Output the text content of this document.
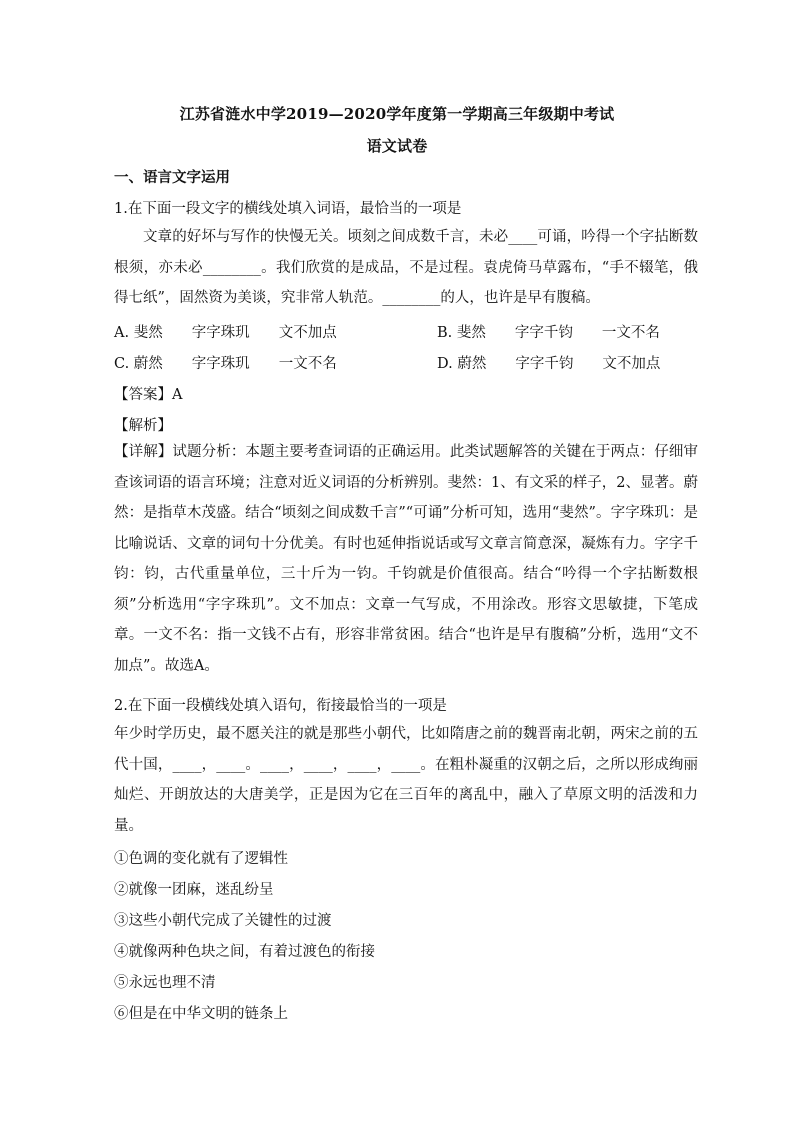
江苏省涟水中学2019—2020学年度第一学期高三年级期中考试
语文试卷
一、语言文字运用
1.在下面一段文字的横线处填入词语，最恰当的一项是
文章的好坏与写作的快慢无关。顷刻之间成数千言，未必____可诵，吟得一个字拈断数根须，亦未必________。我们欣赏的是成品，不是过程。袁虎倚马草露布，“手不辍笔，俄得七纸”，固然资为美谈，究非常人轨范。________的人，也许是早有腹稿。
A. 斐然　　字字珠玑　　文不加点	B. 斐然　　字字千钧　　一文不名
C. 蔚然　　字字珠玑　　一文不名	D. 蔚然　　字字千钧　　文不加点
【答案】A
【解析】
【详解】试题分析：本题主要考查词语的正确运用。此类试题解答的关键在于两点：仔细审查该词语的语言环境；注意对近义词语的分析辨别。斐然：1、有文采的样子，2、显著。蔚然：是指草木茂盛。结合“顷刻之间成数千言”“可诵”分析可知，选用“斐然”。字字珠玑：是比喻说话、文章的词句十分优美。有时也延伸指说话或写文章言简意深，凝炼有力。字字千钧：钧，古代重量单位，三十斤为一钧。千钧就是价值很高。结合“吟得一个字拈断数根须”分析选用“字字珠玑”。文不加点：文章一气写成，不用涂改。形容文思敏捷，下笔成章。一文不名：指一文钱不占有，形容非常贫困。结合“也许是早有腹稿”分析，选用“文不加点”。故选A。
2.在下面一段横线处填入语句，衔接最恰当的一项是
年少时学历史，最不愿关注的就是那些小朝代，比如隋唐之前的魏晋南北朝，两宋之前的五代十国，____，____。____，____，____，____。在粗朴凝重的汉朝之后，之所以形成绚丽灿烂、开朗放达的大唐美学，正是因为它在三百年的离乱中，融入了草原文明的活泼和力量。
①色调的变化就有了逻辑性
②就像一团麻，迷乱纷呈
③这些小朝代完成了关键性的过渡
④就像两种色块之间，有着过渡色的衔接
⑤永远也理不清
⑥但是在中华文明的链条上
